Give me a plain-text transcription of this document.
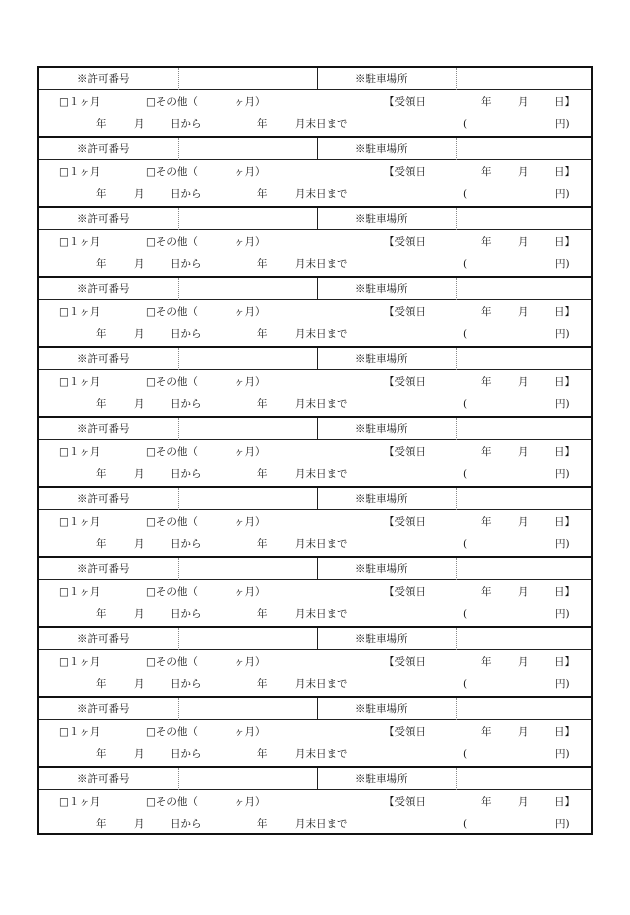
※許可番号	※駐車場所
□１ヶ月	□その他（	ヶ月）	【受領日	年	月 日】
年	月 日から	年	月末日まで	(	円)
※許可番号	※駐車場所
□１ヶ月	□その他（	ヶ月）	【受領日	年	月 日】
年	月 日から	年	月末日まで	(	円)
※許可番号	※駐車場所
□１ヶ月	□その他（	ヶ月）	【受領日	年	月 日】
年	月 日から	年	月末日まで	(	円)
※許可番号	※駐車場所
□１ヶ月	□その他（	ヶ月）	【受領日	年	月 日】
年	月 日から	年	月末日まで	(	円)
※許可番号	※駐車場所
□１ヶ月	□その他（	ヶ月）	【受領日	年	月 日】
年	月 日から	年	月末日まで	(	円)
※許可番号	※駐車場所
□１ヶ月	□その他（	ヶ月）	【受領日	年	月 日】
年	月 日から	年	月末日まで	(	円)
※許可番号	※駐車場所
□１ヶ月	□その他（	ヶ月）	【受領日	年	月 日】
年	月 日から	年	月末日まで	(	円)
※許可番号	※駐車場所
□１ヶ月	□その他（	ヶ月）	【受領日	年	月 日】
年	月 日から	年	月末日まで	(	円)
※許可番号	※駐車場所
□１ヶ月	□その他（	ヶ月）	【受領日	年	月 日】
年	月 日から	年	月末日まで	(	円)
※許可番号	※駐車場所
□１ヶ月	□その他（	ヶ月）	【受領日	年	月 日】
年	月 日から	年	月末日まで	(	円)
※許可番号	※駐車場所
□１ヶ月	□その他（	ヶ月）	【受領日	年	月 日】
年	月 日から	年	月末日まで	(	円)
